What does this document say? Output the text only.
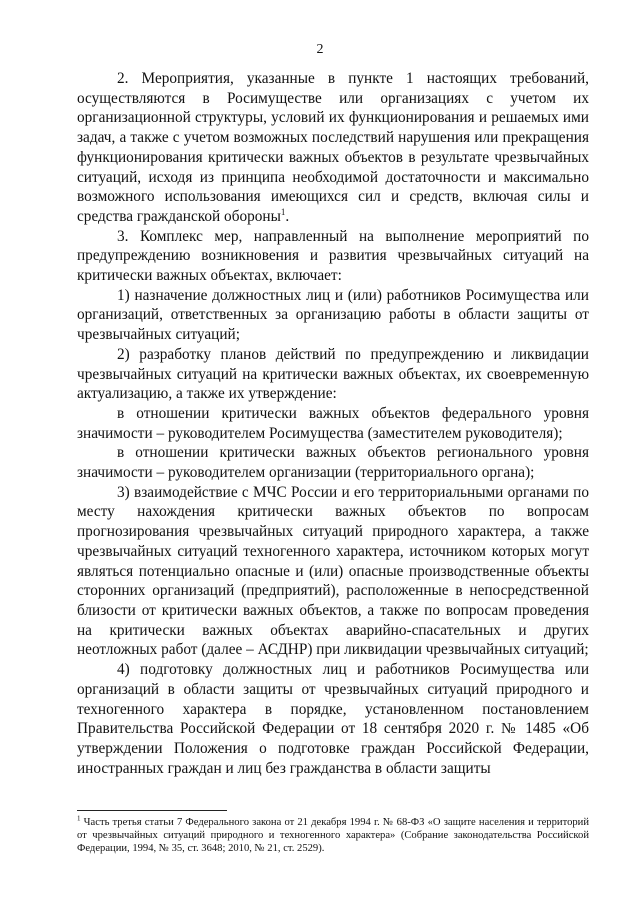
2

2. Мероприятия, указанные в пункте 1 настоящих требований, осуществляются в Росимуществе или организациях с учетом их организационной структуры, условий их функционирования и решаемых ими задач, а также с учетом возможных последствий нарушения или прекращения функционирования критически важных объектов в результате чрезвычайных ситуаций, исходя из принципа необходимой достаточности и максимально возможного использования имеющихся сил и средств, включая силы и средства гражданской обороны$^1$.

3. Комплекс мер, направленный на выполнение мероприятий по предупреждению возникновения и развития чрезвычайных ситуаций на критически важных объектах, включает:

1) назначение должностных лиц и (или) работников Росимущества или организаций, ответственных за организацию работы в области защиты от чрезвычайных ситуаций;

2) разработку планов действий по предупреждению и ликвидации чрезвычайных ситуаций на критически важных объектах, их своевременную актуализацию, а также их утверждение:

в отношении критически важных объектов федерального уровня значимости – руководителем Росимущества (заместителем руководителя);

в отношении критически важных объектов регионального уровня значимости – руководителем организации (территориального органа);

3) взаимодействие с МЧС России и его территориальными органами по месту нахождения критически важных объектов по вопросам прогнозирования чрезвычайных ситуаций природного характера, а также чрезвычайных ситуаций техногенного характера, источником которых могут являться потенциально опасные и (или) опасные производственные объекты сторонних организаций (предприятий), расположенные в непосредственной близости от критически важных объектов, а также по вопросам проведения на критически важных объектах аварийно-спасательных и других неотложных работ (далее – АСДНР) при ликвидации чрезвычайных ситуаций;

4) подготовку должностных лиц и работников Росимущества или организаций в области защиты от чрезвычайных ситуаций природного и техногенного характера в порядке, установленном постановлением Правительства Российской Федерации от 18 сентября 2020 г. № 1485 «Об утверждении Положения о подготовке граждан Российской Федерации, иностранных граждан и лиц без гражданства в области защиты

$^1$ Часть третья статьи 7 Федерального закона от 21 декабря 1994 г. № 68-ФЗ «О защите населения и территорий от чрезвычайных ситуаций природного и техногенного характера» (Собрание законодательства Российской Федерации, 1994, № 35, ст. 3648; 2010, № 21, ст. 2529).
